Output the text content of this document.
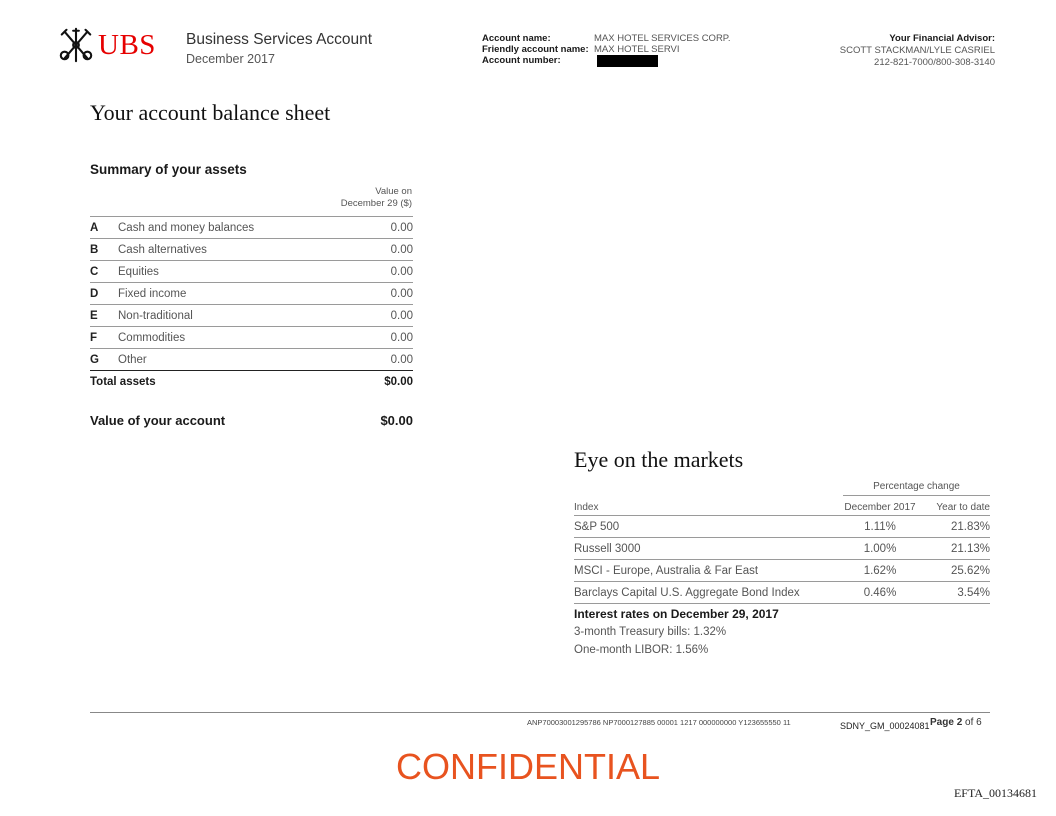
UBS Business Services Account
December 2017
Account name:	MAX HOTEL SERVICES CORP.
Friendly account name: MAX HOTEL SERVI
Account number:
Your Financial Advisor:
SCOTT STACKMAN/LYLE CASRIEL
212-821-7000/800-308-3140
Your account balance sheet
Summary of your assets
Value on
December 29 ($)
A	Cash and money balances	0.00
B	Cash alternatives	0.00
C	Equities	0.00
D	Fixed income	0.00
E	Non-traditional	0.00
F	Commodities	0.00
G	Other	0.00
Total assets	$0.00
Value of your account	$0.00
Eye on the markets
Percentage change
Index	December 2017	Year to date
S&P 500	1.11%	21.83%
Russell 3000	1.00%	21.13%
MSCI - Europe, Australia & Far East	1.62%	25.62%
Barclays Capital U.S. Aggregate Bond Index	0.46%	3.54%
Interest rates on December 29, 2017
3-month Treasury bills: 1.32%
One-month LIBOR: 1.56%
ANP70003001295786 NP7000127885 00001 1217 000000000 Y123655550 11	SDNY_GM_00024081 Page 2 of 6
CONFIDENTIAL
EFTA_00134681
